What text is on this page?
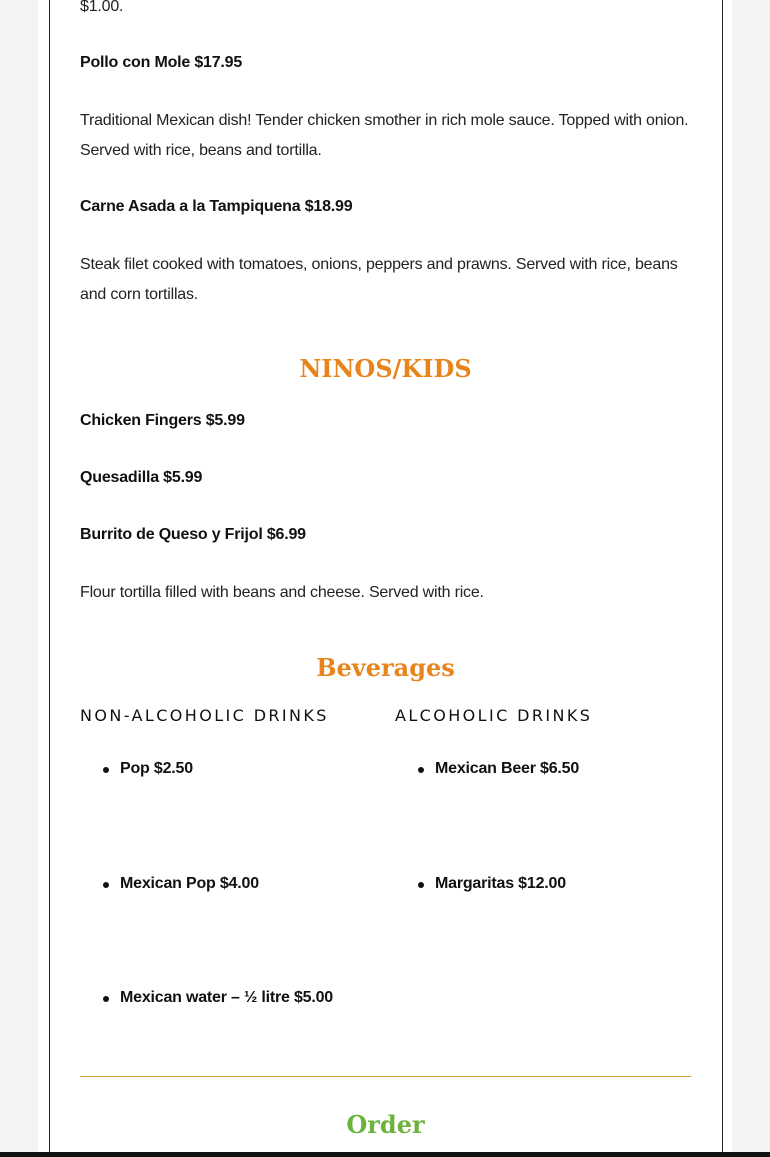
$1.00.

Pollo con Mole $17.95

Traditional Mexican dish! Tender chicken smother in rich mole sauce. Topped with onion. Served with rice, beans and tortilla.

Carne Asada a la Tampiquena $18.99

Steak filet cooked with tomatoes, onions, peppers and prawns. Served with rice, beans and corn tortillas.

NINOS/KIDS

Chicken Fingers $5.99

Quesadilla $5.99

Burrito de Queso y Frijol $6.99

Flour tortilla filled with beans and cheese. Served with rice.

Beverages
NON-ALCOHOLIC DRINKS

Pop $2.50

Mexican Pop $4.00

Mexican water – ½ litre $5.00

ALCOHOLIC DRINKS

Mexican Beer $6.50

Margaritas $12.00

Order
